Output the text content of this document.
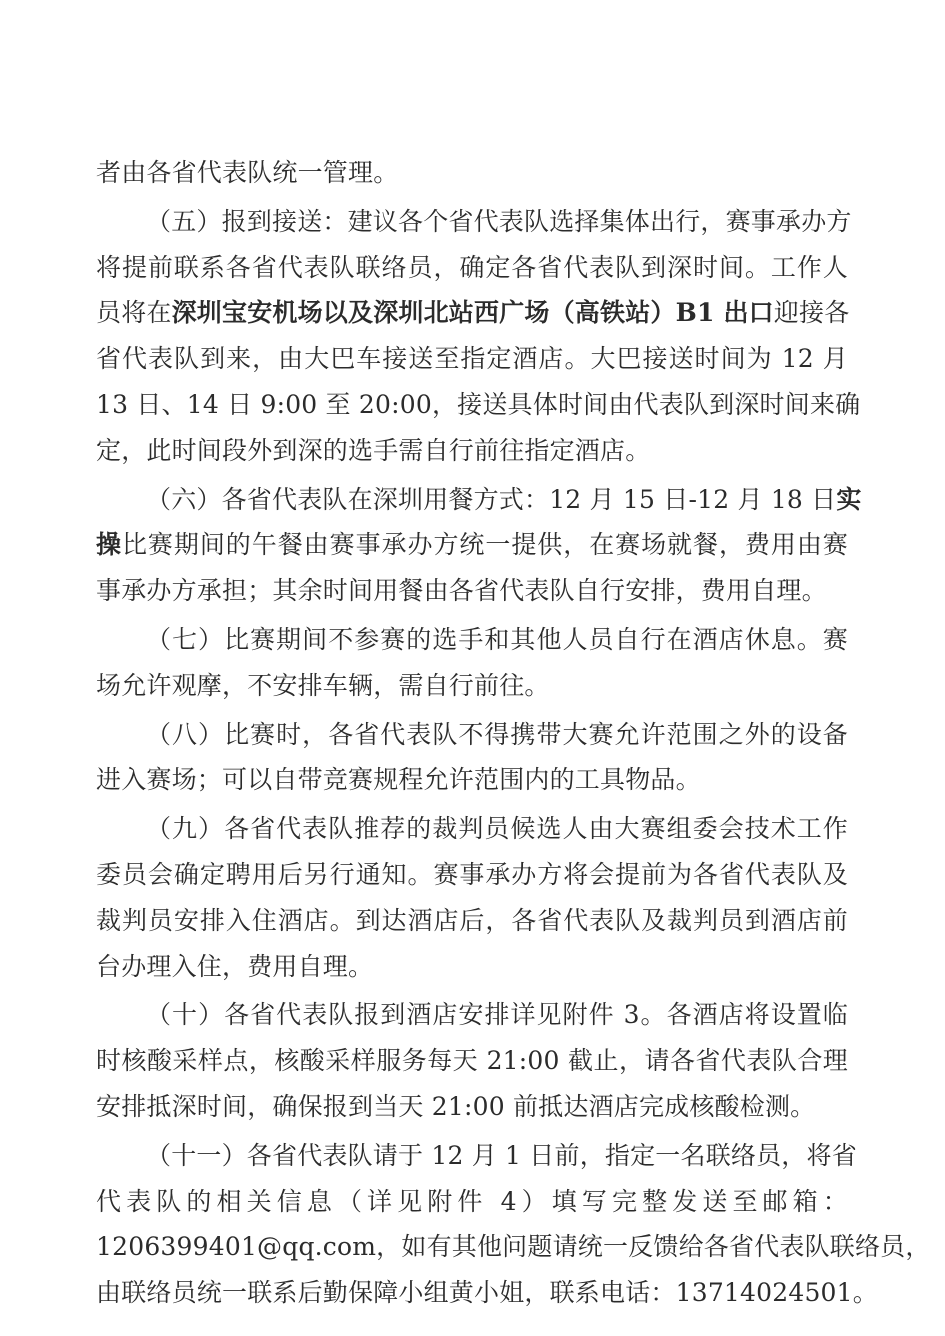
者由各省代表队统一管理。
（五）报到接送：建议各个省代表队选择集体出行，赛事承办方
将提前联系各省代表队联络员，确定各省代表队到深时间。工作人
员将在深圳宝安机场以及深圳北站西广场（高铁站）B1 出口迎接各
省代表队到来，由大巴车接送至指定酒店。大巴接送时间为 12 月
13 日、14 日 9:00 至 20:00，接送具体时间由代表队到深时间来确
定，此时间段外到深的选手需自行前往指定酒店。
（六）各省代表队在深圳用餐方式：12 月 15 日-12 月 18 日实
操比赛期间的午餐由赛事承办方统一提供，在赛场就餐，费用由赛
事承办方承担；其余时间用餐由各省代表队自行安排，费用自理。
（七）比赛期间不参赛的选手和其他人员自行在酒店休息。赛
场允许观摩，不安排车辆，需自行前往。
（八）比赛时，各省代表队不得携带大赛允许范围之外的设备
进入赛场；可以自带竞赛规程允许范围内的工具物品。
（九）各省代表队推荐的裁判员候选人由大赛组委会技术工作
委员会确定聘用后另行通知。赛事承办方将会提前为各省代表队及
裁判员安排入住酒店。到达酒店后，各省代表队及裁判员到酒店前
台办理入住，费用自理。
（十）各省代表队报到酒店安排详见附件 3。各酒店将设置临
时核酸采样点，核酸采样服务每天 21:00 截止，请各省代表队合理
安排抵深时间，确保报到当天 21:00 前抵达酒店完成核酸检测。
（十一）各省代表队请于 12 月 1 日前，指定一名联络员，将省
代表队的相关信息（详见附件 4）填写完整发送至邮箱：
1206399401@qq.com，如有其他问题请统一反馈给各省代表队联络员，
由联络员统一联系后勤保障小组黄小姐，联系电话：13714024501。
